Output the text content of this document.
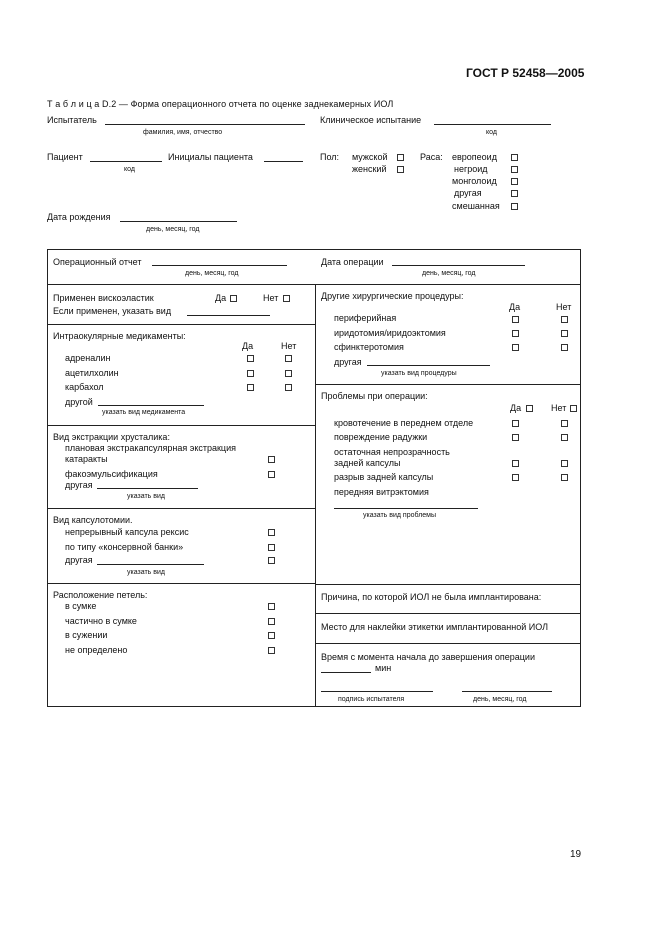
ГОСТ Р 52458—2005
Т а б л и ц а D.2 — Форма операционного отчета по оценке заднекамерных ИОЛ
Испытатель
фамилия, имя, отчество
Клиническое испытание
код
Пациент
код
Инициалы пациента	Пол: мужской
женский
Раса: европеоид
негроид
монголоид
другая
смешанная
Дата рождения
день, месяц, год
Операционный отчет
день, месяц, год
Дата операции
день, месяц, год
Применен вискоэластик	Да	Нет
Если применен, указать вид
Интраокулярные медикаменты:
Да	Нет
адреналин
ацетилхолин
карбахол
другой
указать вид медикамента
Вид экстракции хрусталика:
плановая экстракапсулярная экстракция
катаракты
факоэмульсификация
другая
указать вид
Вид капсулотомии.
непрерывный капсула рексис
по типу «консервной банки»
другая
указать вид
Расположение петель:
в сумке
частично в сумке
в сужении
не определено
Другие хирургические процедуры:
Да	Нет
периферийная
иридотомия/иридоэктомия
сфинктеротомия
другая
указать вид процедуры
Проблемы при операции:
Да	Нет
кровотечение в переднем отделе
повреждение радужки
остаточная непрозрачность
задней капсулы
разрыв задней капсулы
передняя витрэктомия
указать вид проблемы
Причина, по которой ИОЛ не была имплантирована:
Место для наклейки этикетки имплантированной ИОЛ
Время с момента начала до завершения операции
мин
подпись испытателя	день, месяц, год
19
